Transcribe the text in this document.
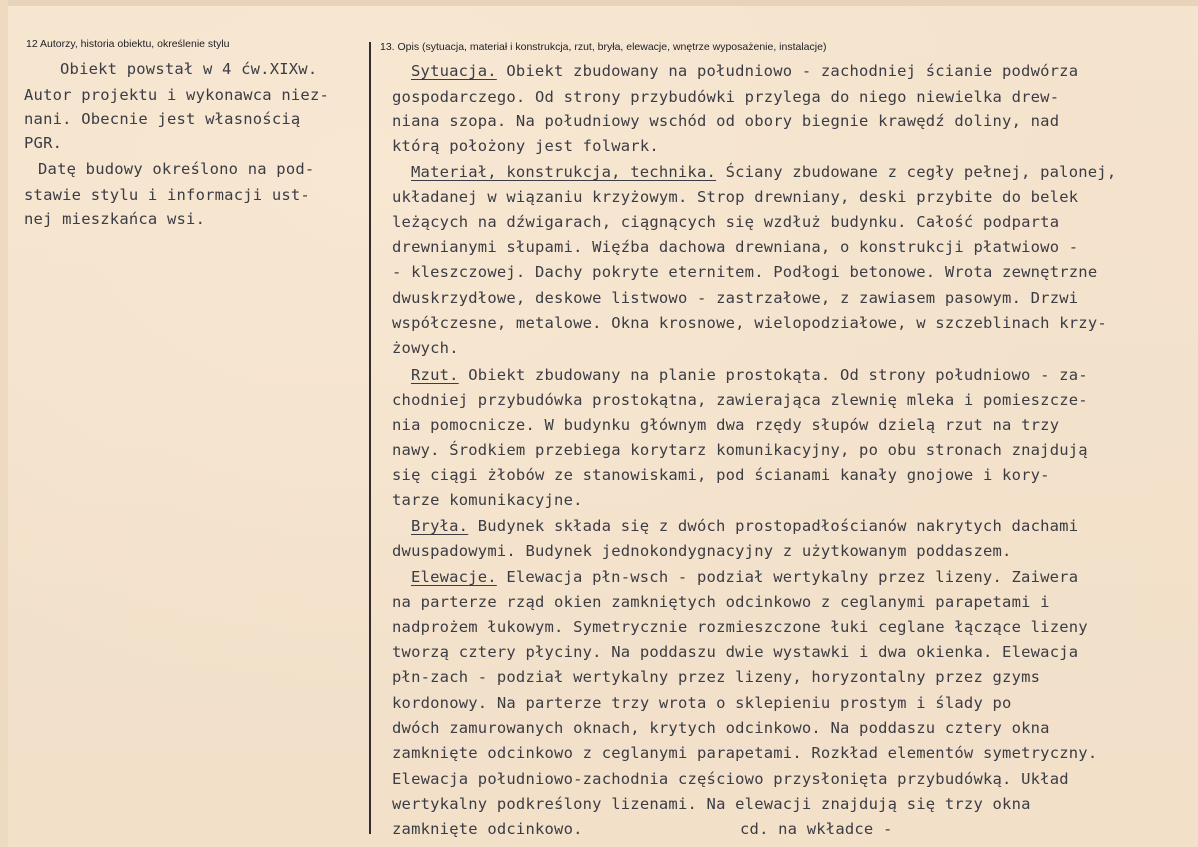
12 Autorzy, historia obiektu, określenie stylu	13. Opis (sytuacja, materiał i konstrukcja, rzut, bryła, elewacje, wnętrze wyposażenie, instalacje)
Obiekt powstał w 4 ćw.XIXw.
Autor projektu i wykonawca niez-
nani. Obecnie jest własnością
PGR.
Datę budowy określono na pod-
stawie stylu i informacji ust-
nej mieszkańca wsi.
Sytuacja. Obiekt zbudowany na południowo - zachodniej ścianie podwórza
gospodarczego. Od strony przybudówki przylega do niego niewielka drew-
niana szopa. Na południowy wschód od obory biegnie krawędź doliny, nad
którą położony jest folwark.
Materiał, konstrukcja, technika. Ściany zbudowane z cegły pełnej, palonej,
układanej w wiązaniu krzyżowym. Strop drewniany, deski przybite do belek
leżących na dźwigarach, ciągnących się wzdłuż budynku. Całość podparta
drewnianymi słupami. Więźba dachowa drewniana, o konstrukcji płatwiowo -
- kleszczowej. Dachy pokryte eternitem. Podłogi betonowe. Wrota zewnętrzne
dwuskrzydłowe, deskowe listwowo - zastrzałowe, z zawiasem pasowym. Drzwi
współczesne, metalowe. Okna krosnowe, wielopodziałowe, w szczeblinach krzy-
żowych.
Rzut. Obiekt zbudowany na planie prostokąta. Od strony południowo - za-
chodniej przybudówka prostokątna, zawierająca zlewnię mleka i pomieszcze-
nia pomocnicze. W budynku głównym dwa rzędy słupów dzielą rzut na trzy
nawy. Środkiem przebiega korytarz komunikacyjny, po obu stronach znajdują
się ciągi żłobów ze stanowiskami, pod ścianami kanały gnojowe i kory-
tarze komunikacyjne.
Bryła. Budynek składa się z dwóch prostopadłościanów nakrytych dachami
dwuspadowymi. Budynek jednokondygnacyjny z użytkowanym poddaszem.
Elewacje. Elewacja płn-wsch - podział wertykalny przez lizeny. Zaiwera
na parterze rząd okien zamkniętych odcinkowo z ceglanymi parapetami i
nadprożem łukowym. Symetrycznie rozmieszczone łuki ceglane łączące lizeny
tworzą cztery płyciny. Na poddaszu dwie wystawki i dwa okienka. Elewacja
płn-zach - podział wertykalny przez lizeny, horyzontalny przez gzyms
kordonowy. Na parterze trzy wrota o sklepieniu prostym i ślady po
dwóch zamurowanych oknach, krytych odcinkowo. Na poddaszu cztery okna
zamknięte odcinkowo z ceglanymi parapetami. Rozkład elementów symetryczny.
Elewacja południowo-zachodnia częściowo przysłonięta przybudówką. Układ
wertykalny podkreślony lizenami. Na elewacji znajdują się trzy okna
zamknięte odcinkowo.	cd. na wkładce -
